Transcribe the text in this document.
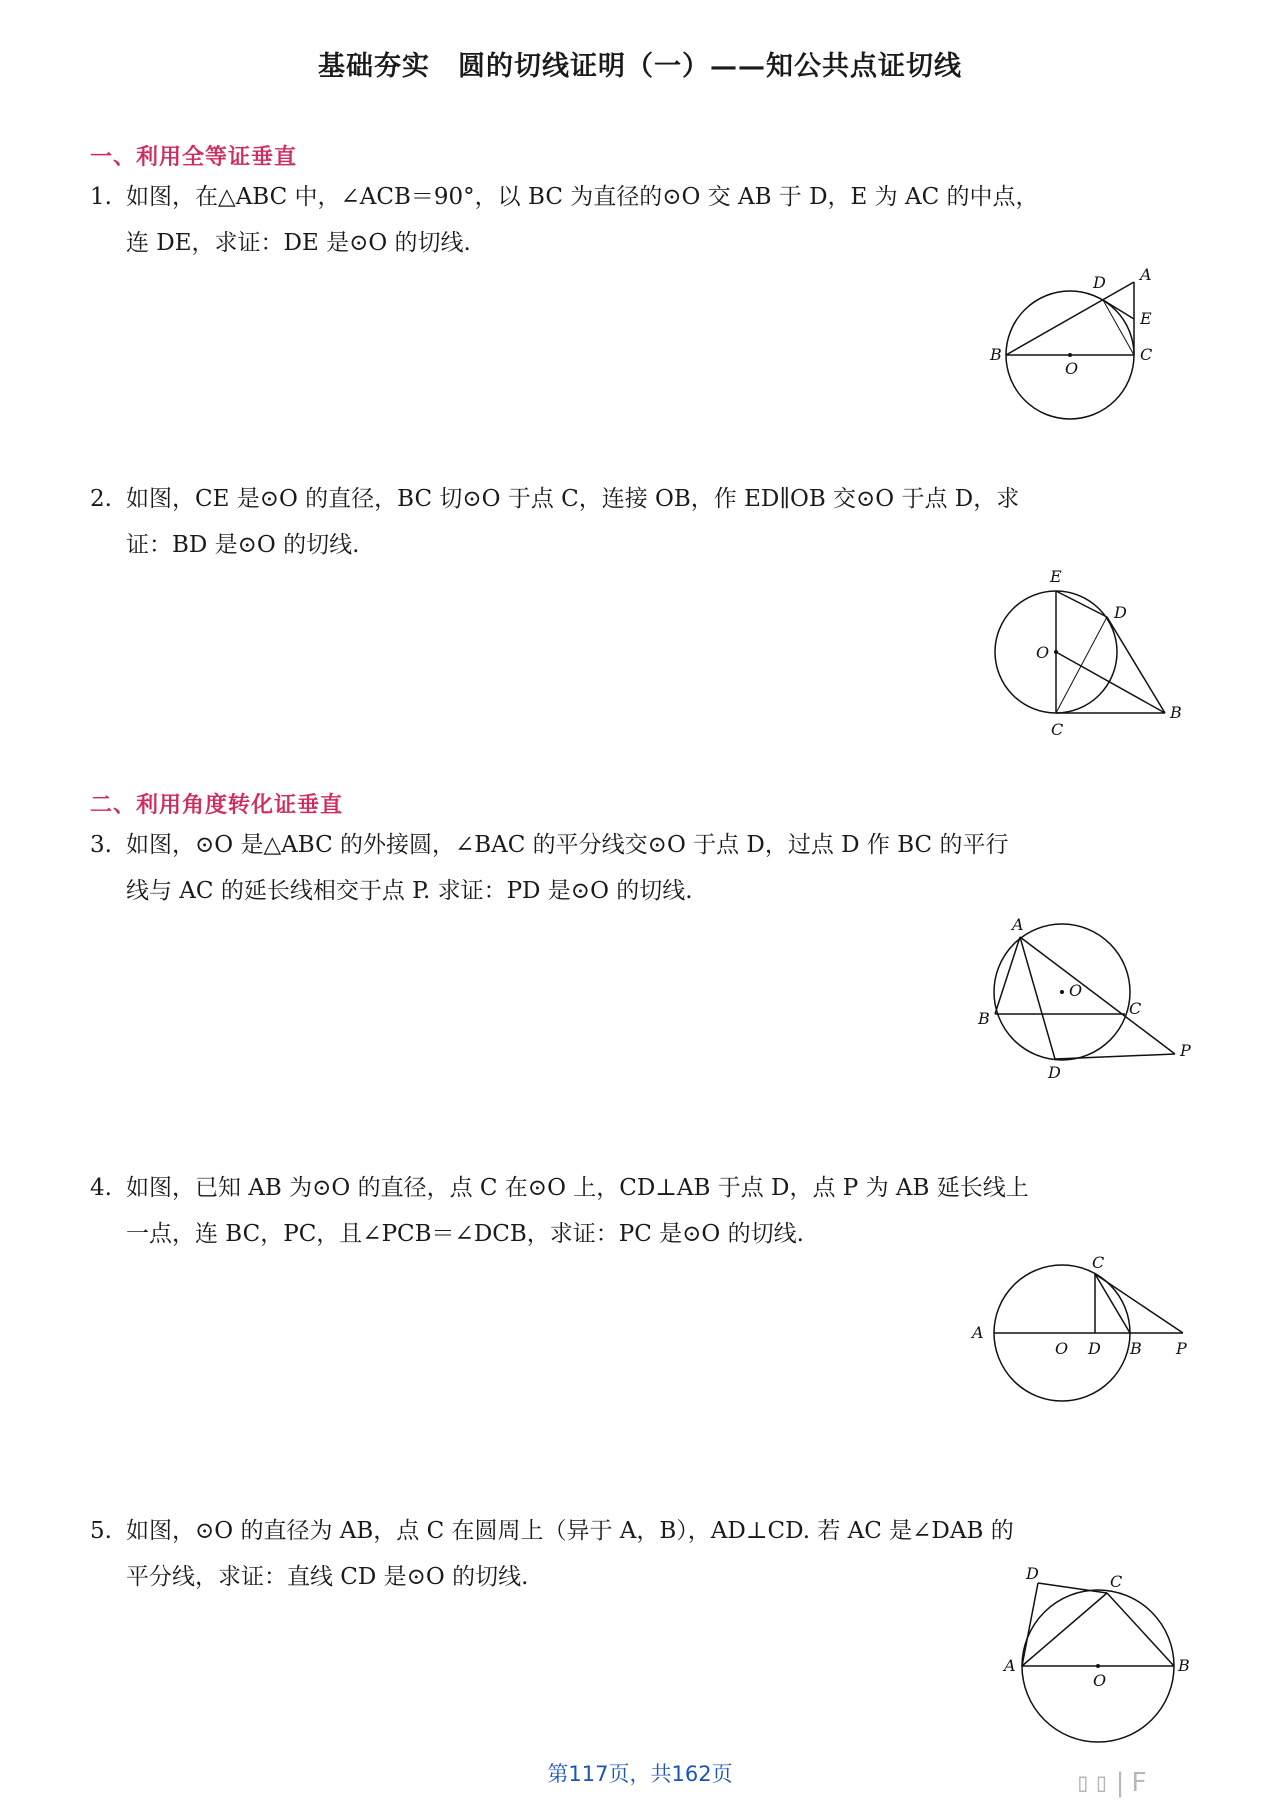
基础夯实　圆的切线证明（一）——知公共点证切线
一、利用全等证垂直
1. 如图，在△ABC 中，∠ACB＝90°，以 BC 为直径的⊙O 交 AB 于 D，E 为 AC 的中点，
连 DE，求证：DE 是⊙O 的切线.
A
B	C
D
E
O
2. 如图，CE 是⊙O 的直径，BC 切⊙O 于点 C，连接 OB，作 ED∥OB 交⊙O 于点 D，求
证：BD 是⊙O 的切线.
E
D
O
C
B
二、利用角度转化证垂直
3. 如图，⊙O 是△ABC 的外接圆，∠BAC 的平分线交⊙O 于点 D，过点 D 作 BC 的平行
线与 AC 的延长线相交于点 P. 求证：PD 是⊙O 的切线.
A
B
C
D
O
P
4. 如图，已知 AB 为⊙O 的直径，点 C 在⊙O 上，CD⊥AB 于点 D，点 P 为 AB 延长线上
一点，连 BC，PC，且∠PCB＝∠DCB，求证：PC 是⊙O 的切线.
A
O D B P
C
5. 如图，⊙O 的直径为 AB，点 C 在圆周上（异于 A，B），AD⊥CD. 若 AC 是∠DAB 的
平分线，求证：直线 CD 是⊙O 的切线.	D	C
A	B
O
第117页，共162页	▯▯|F
